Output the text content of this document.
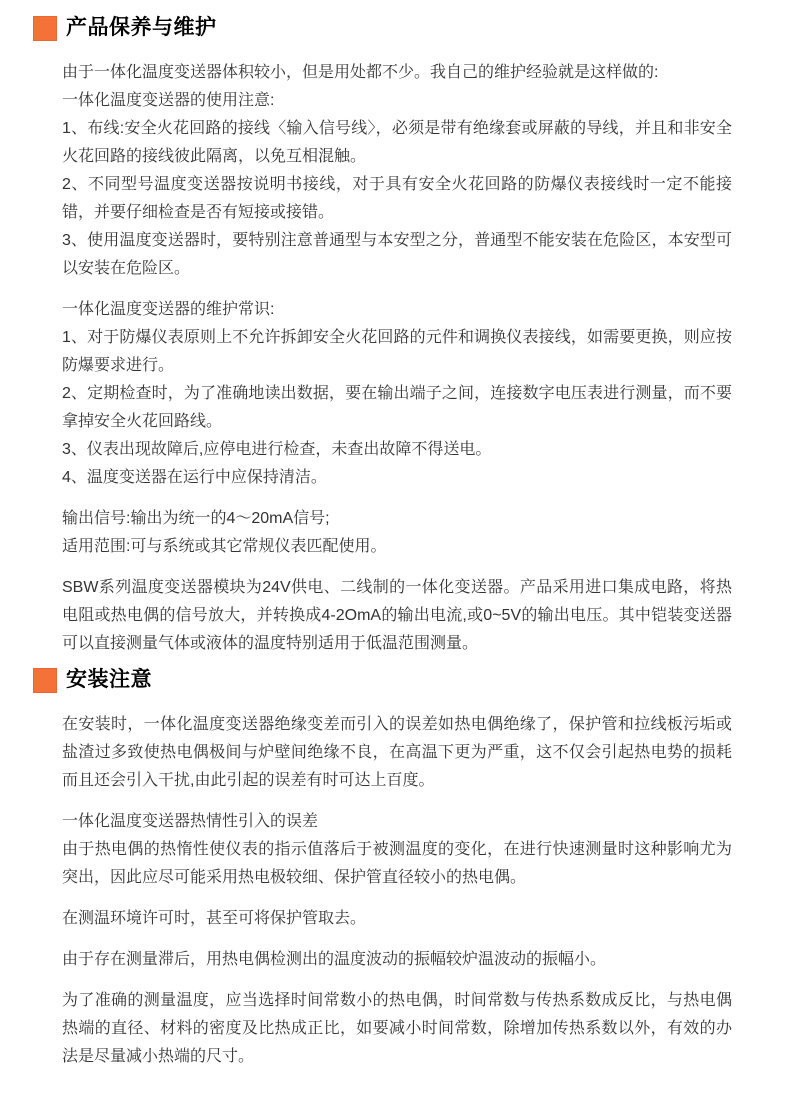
产品保养与维护

由于一体化温度变送器体积较小，但是用处都不少。我自己的维护经验就是这样做的:

一体化温度变送器的使用注意:

1、布线:安全火花回路的接线〈输入信号线〉，必须是带有绝缘套或屏蔽的导线，并且和非安全火花回路的接线彼此隔离，以免互相混触。

2、不同型号温度变送器按说明书接线，对于具有安全火花回路的防爆仪表接线时一定不能接错，并要仔细检查是否有短接或接错。

3、使用温度变送器时，要特别注意普通型与本安型之分，普通型不能安装在危险区，本安型可以安装在危险区。

一体化温度变送器的维护常识:

1、对于防爆仪表原则上不允许拆卸安全火花回路的元件和调换仪表接线，如需要更换，则应按防爆要求进行。

2、定期检查时，为了准确地读出数据，要在输出端子之间，连接数字电压表进行测量，而不要拿掉安全火花回路线。

3、仪表出现故障后,应停电进行检查，未查出故障不得送电。

4、温度变送器在运行中应保持清洁。

输出信号:输出为统一的4～20mA信号;

适用范围:可与系统或其它常规仪表匹配使用。

SBW系列温度变送器模块为24V供电、二线制的一体化变送器。产品采用进口集成电路，将热电阻或热电偶的信号放大，并转换成4-2OmA的输出电流,或0~5V的输出电压。其中铠装变送器可以直接测量气体或液体的温度特别适用于低温范围测量。

安装注意

在安装时，一体化温度变送器绝缘变差而引入的误差如热电偶绝缘了，保护管和拉线板污垢或盐渣过多致使热电偶极间与炉壁间绝缘不良，在高温下更为严重，这不仅会引起热电势的损耗而且还会引入干扰,由此引起的误差有时可达上百度。

一体化温度变送器热情性引入的误差

由于热电偶的热惰性使仪表的指示值落后于被测温度的变化，在进行快速测量时这种影响尤为突出，因此应尽可能采用热电极较细、保护管直径较小的热电偶。

在测温环境许可时，甚至可将保护管取去。

由于存在测量滞后，用热电偶检测出的温度波动的振幅较炉温波动的振幅小。

为了准确的测量温度，应当选择时间常数小的热电偶，时间常数与传热系数成反比，与热电偶热端的直径、材料的密度及比热成正比，如要减小时间常数，除增加传热系数以外，有效的办法是尽量减小热端的尺寸。
